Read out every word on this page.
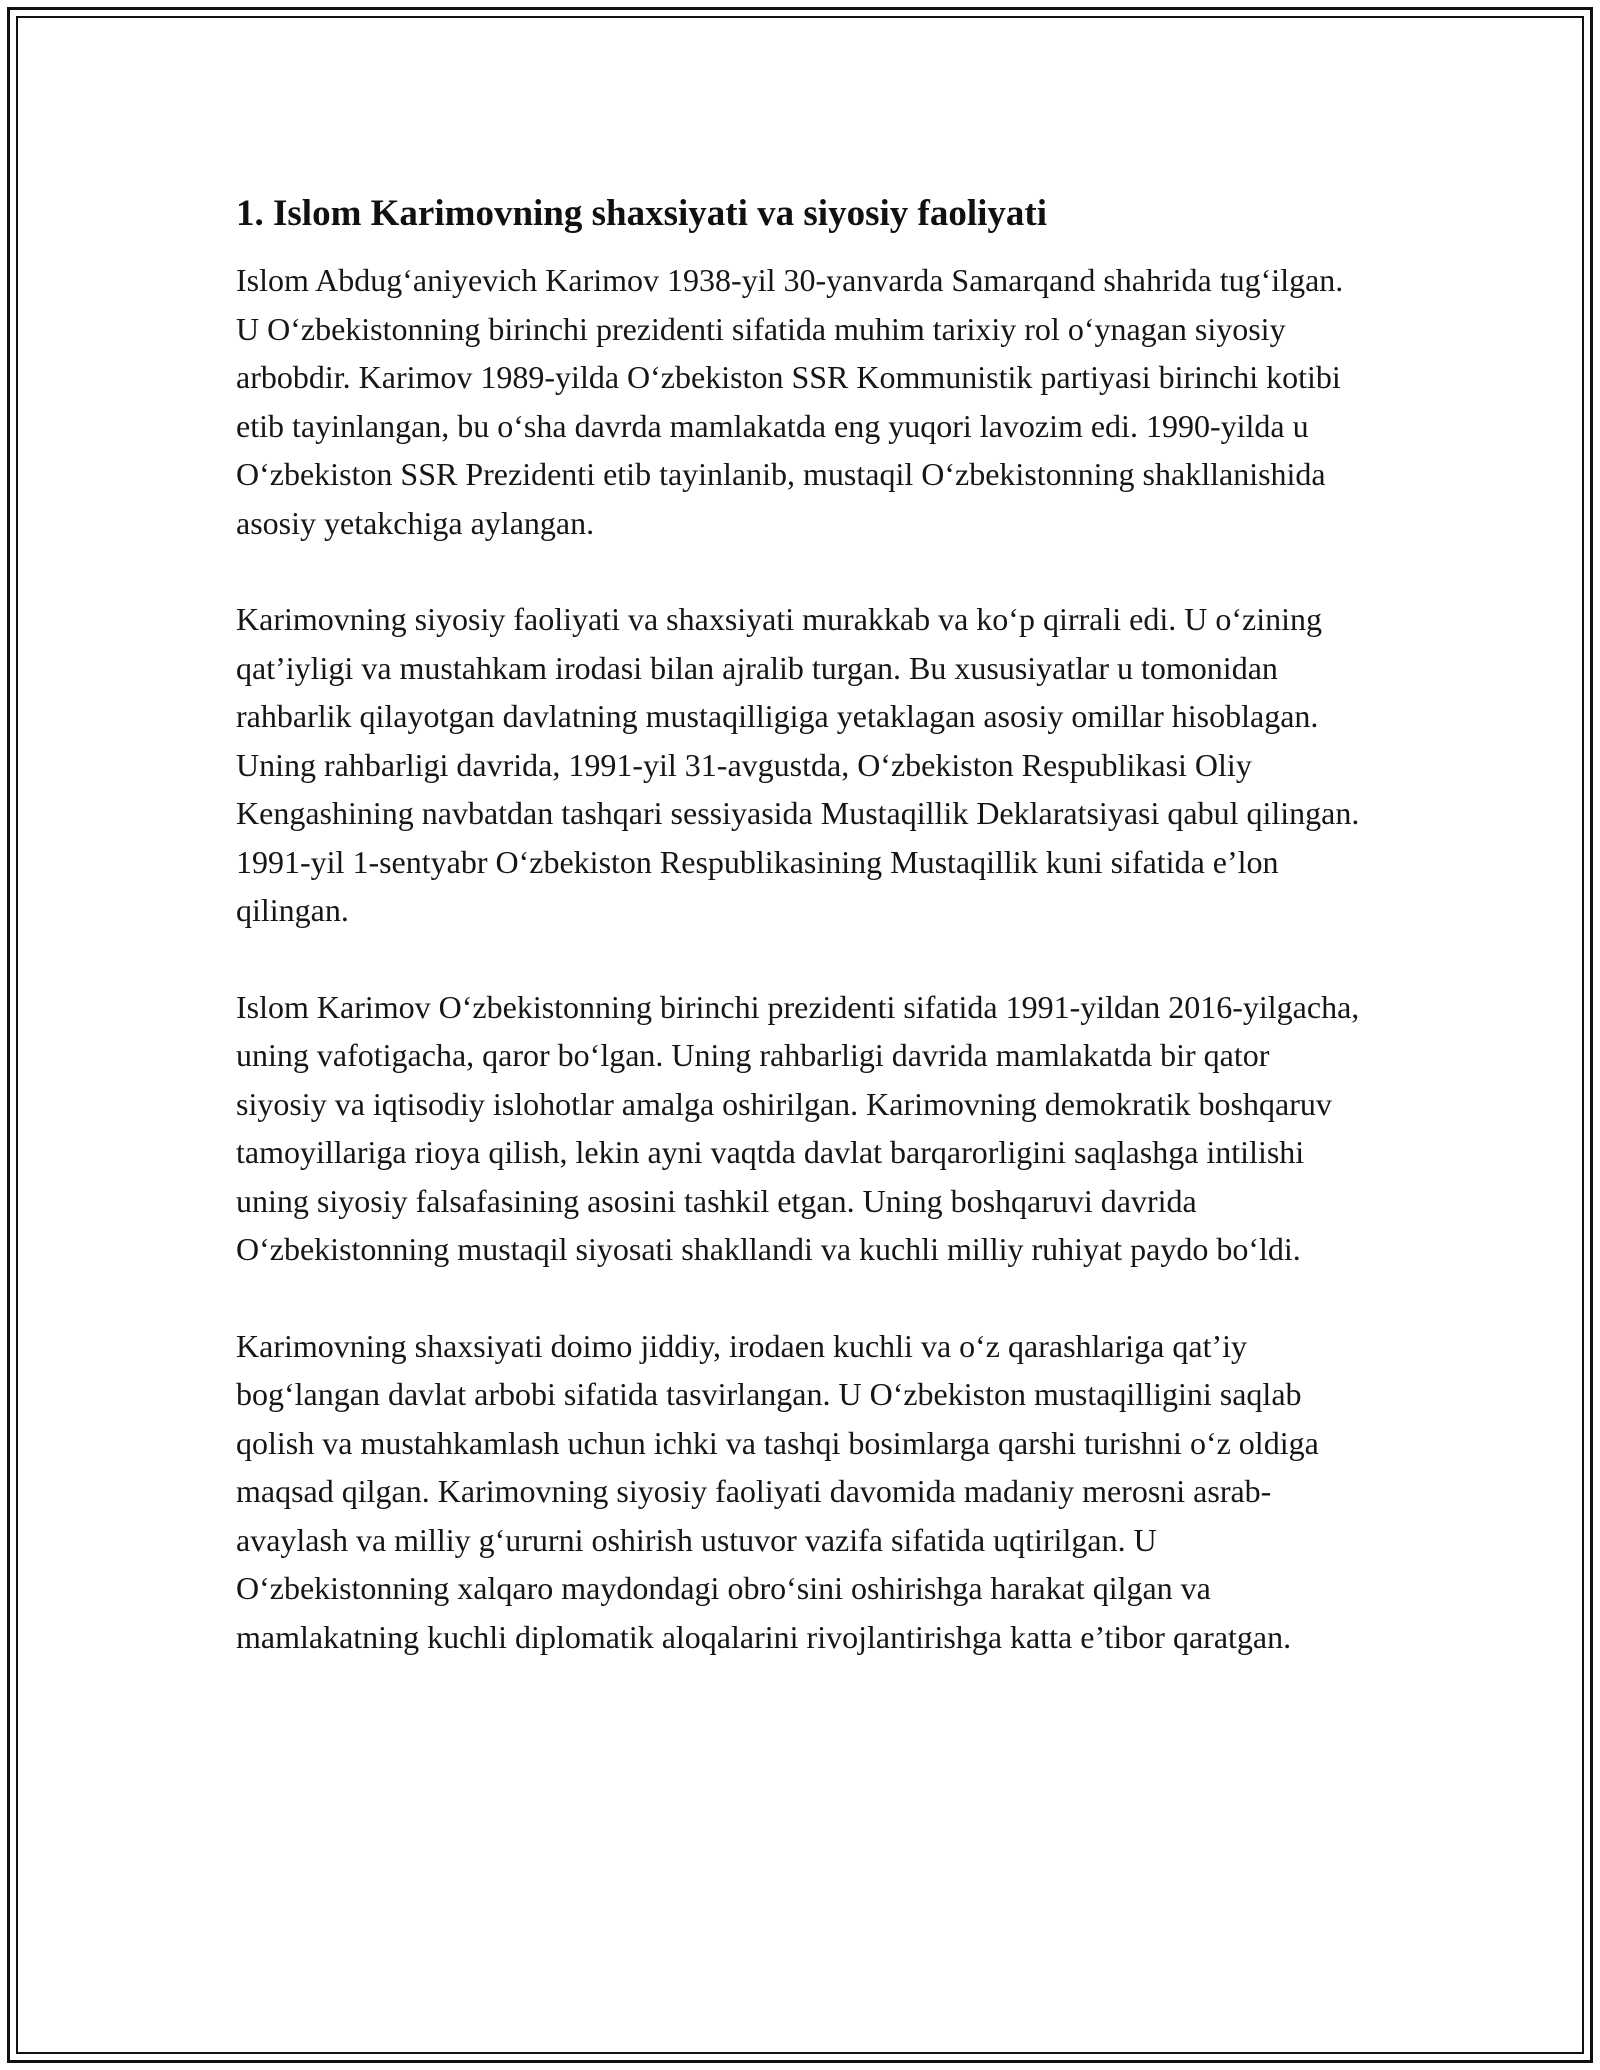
1. Islom Karimovning shaxsiyati va siyosiy faoliyati

Islom Abdug‘aniyevich Karimov 1938-yil 30-yanvarda Samarqand shahrida tug‘ilgan. U O‘zbekistonning birinchi prezidenti sifatida muhim tarixiy rol o‘ynagan siyosiy arbobdir. Karimov 1989-yilda O‘zbekiston SSR Kommunistik partiyasi birinchi kotibi etib tayinlangan, bu o‘sha davrda mamlakatda eng yuqori lavozim edi. 1990-yilda u O‘zbekiston SSR Prezidenti etib tayinlanib, mustaqil O‘zbekistonning shakllanishida asosiy yetakchiga aylangan.

Karimovning siyosiy faoliyati va shaxsiyati murakkab va ko‘p qirrali edi. U o‘zining qat’iyligi va mustahkam irodasi bilan ajralib turgan. Bu xususiyatlar u tomonidan rahbarlik qilayotgan davlatning mustaqilligiga yetaklagan asosiy omillar hisoblagan. Uning rahbarligi davrida, 1991-yil 31-avgustda, O‘zbekiston Respublikasi Oliy Kengashining navbatdan tashqari sessiyasida Mustaqillik Deklaratsiyasi qabul qilingan. 1991-yil 1-sentyabr O‘zbekiston Respublikasining Mustaqillik kuni sifatida e’lon qilingan.

Islom Karimov O‘zbekistonning birinchi prezidenti sifatida 1991-yildan 2016-yilgacha, uning vafotigacha, qaror bo‘lgan. Uning rahbarligi davrida mamlakatda bir qator siyosiy va iqtisodiy islohotlar amalga oshirilgan. Karimovning demokratik boshqaruv tamoyillariga rioya qilish, lekin ayni vaqtda davlat barqarorligini saqlashga intilishi uning siyosiy falsafasining asosini tashkil etgan. Uning boshqaruvi davrida O‘zbekistonning mustaqil siyosati shakllandi va kuchli milliy ruhiyat paydo bo‘ldi.

Karimovning shaxsiyati doimo jiddiy, irodaen kuchli va o‘z qarashlariga qat’iy bog‘langan davlat arbobi sifatida tasvirlangan. U O‘zbekiston mustaqilligini saqlab qolish va mustahkamlash uchun ichki va tashqi bosimlarga qarshi turishni o‘z oldiga maqsad qilgan. Karimovning siyosiy faoliyati davomida madaniy merosni asrab-avaylash va milliy g‘ururni oshirish ustuvor vazifa sifatida uqtirilgan. U O‘zbekistonning xalqaro maydondagi obro‘sini oshirishga harakat qilgan va mamlakatning kuchli diplomatik aloqalarini rivojlantirishga katta e’tibor qaratgan.
